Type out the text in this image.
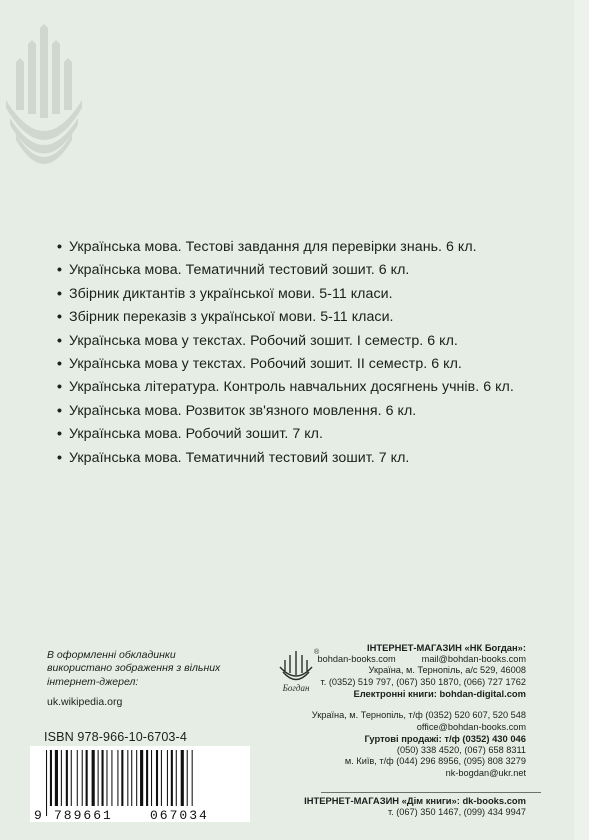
• Українська мова. Тестові завдання для перевірки знань. 6 кл.
• Українська мова. Тематичний тестовий зошит. 6 кл.
• Збірник диктантів з української мови. 5-11 класи.
• Збірник переказів з української мови. 5-11 класи.
• Українська мова у текстах. Робочий зошит. I семестр. 6 кл.
• Українська мова у текстах. Робочий зошит. II семестр. 6 кл.
• Українська література. Контроль навчальних досягнень учнів. 6 кл.
• Українська мова. Розвиток зв'язного мовлення. 6 кл.
• Українська мова. Робочий зошит. 7 кл.
• Українська мова. Тематичний тестовий зошит. 7 кл.
В оформленні обкладинки
використано зображення з вільних
інтернет-джерел:
uk.wikipedia.org
ISBN 978-966-10-6703-4
9 789661	067034
Богдан
®	ІНТЕРНЕТ-МАГАЗИН «НК Богдан»:
bohdan-books.com	mail@bohdan-books.com
Україна, м. Тернопіль, а/с 529, 46008
т. (0352) 519 797, (067) 350 1870, (066) 727 1762
Електронні книги: bohdan-digital.com
Україна, м. Тернопіль, т/ф (0352) 520 607, 520 548
office@bohdan-books.com
Гуртові продажі: т/ф (0352) 430 046
(050) 338 4520, (067) 658 8311
м. Київ, т/ф (044) 296 8956, (095) 808 3279
nk-bogdan@ukr.net
ІНТЕРНЕТ-МАГАЗИН «Дім книги»: dk-books.com
т. (067) 350 1467, (099) 434 9947
